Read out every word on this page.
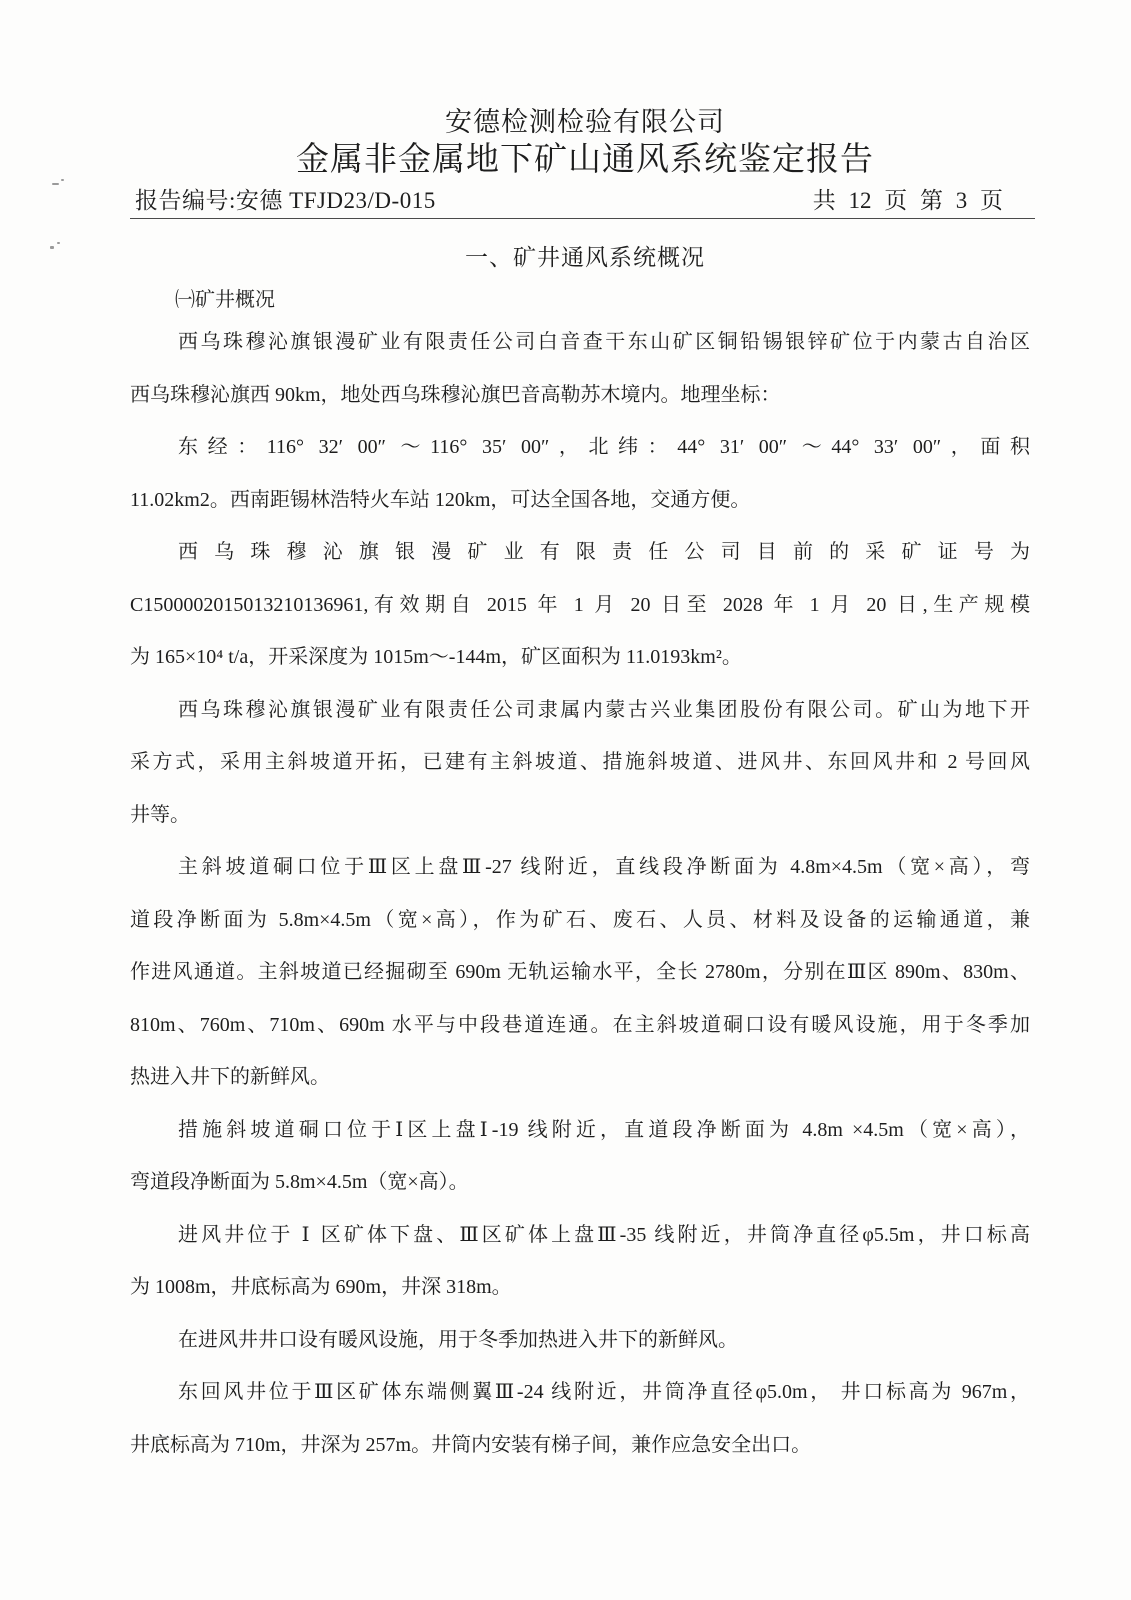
安德检测检验有限公司
金属非金属地下矿山通风系统鉴定报告
报告编号:安德 TFJD23/D-015	共 12 页 第 3 页
一、矿井通风系统概况
㈠矿井概况
西乌珠穆沁旗银漫矿业有限责任公司白音查干东山矿区铜铅锡银锌矿位于内蒙古自治区
西乌珠穆沁旗西 90km，地处西乌珠穆沁旗巴音高勒苏木境内。地理坐标：
东经：116° 32′ 00″ ～116° 35′ 00″，北纬：44° 31′ 00″ ～44° 33′ 00″，面积
11.02km2。西南距锡林浩特火车站 120km，可达全国各地，交通方便。
西乌珠穆沁旗银漫矿业有限责任公司目前的采矿证号为
C1500002015013210136961,有效期自 2015 年 1 月 20 日至 2028 年 1 月 20 日,生产规模
为 165×10⁴ t/a，开采深度为 1015m～-144m，矿区面积为 11.0193km²。
西乌珠穆沁旗银漫矿业有限责任公司隶属内蒙古兴业集团股份有限公司。矿山为地下开
采方式，采用主斜坡道开拓，已建有主斜坡道、措施斜坡道、进风井、东回风井和 2 号回风
井等。
主斜坡道硐口位于Ⅲ区上盘Ⅲ-27 线附近，直线段净断面为 4.8m×4.5m（宽×高），弯
道段净断面为 5.8m×4.5m（宽×高），作为矿石、废石、人员、材料及设备的运输通道，兼
作进风通道。主斜坡道已经掘砌至 690m 无轨运输水平，全长 2780m，分别在Ⅲ区 890m、830m、
810m、760m、710m、690m 水平与中段巷道连通。在主斜坡道硐口设有暖风设施，用于冬季加
热进入井下的新鲜风。
措施斜坡道硐口位于Ⅰ区上盘Ⅰ-19 线附近，直道段净断面为 4.8m ×4.5m（宽×高），
弯道段净断面为 5.8m×4.5m（宽×高）。
进风井位于 Ⅰ 区矿体下盘、Ⅲ区矿体上盘Ⅲ-35 线附近，井筒净直径φ5.5m，井口标高
为 1008m，井底标高为 690m，井深 318m。
在进风井井口设有暖风设施，用于冬季加热进入井下的新鲜风。
东回风井位于Ⅲ区矿体东端侧翼Ⅲ-24 线附近，井筒净直径φ5.0m， 井口标高为 967m，
井底标高为 710m，井深为 257m。井筒内安装有梯子间，兼作应急安全出口。
